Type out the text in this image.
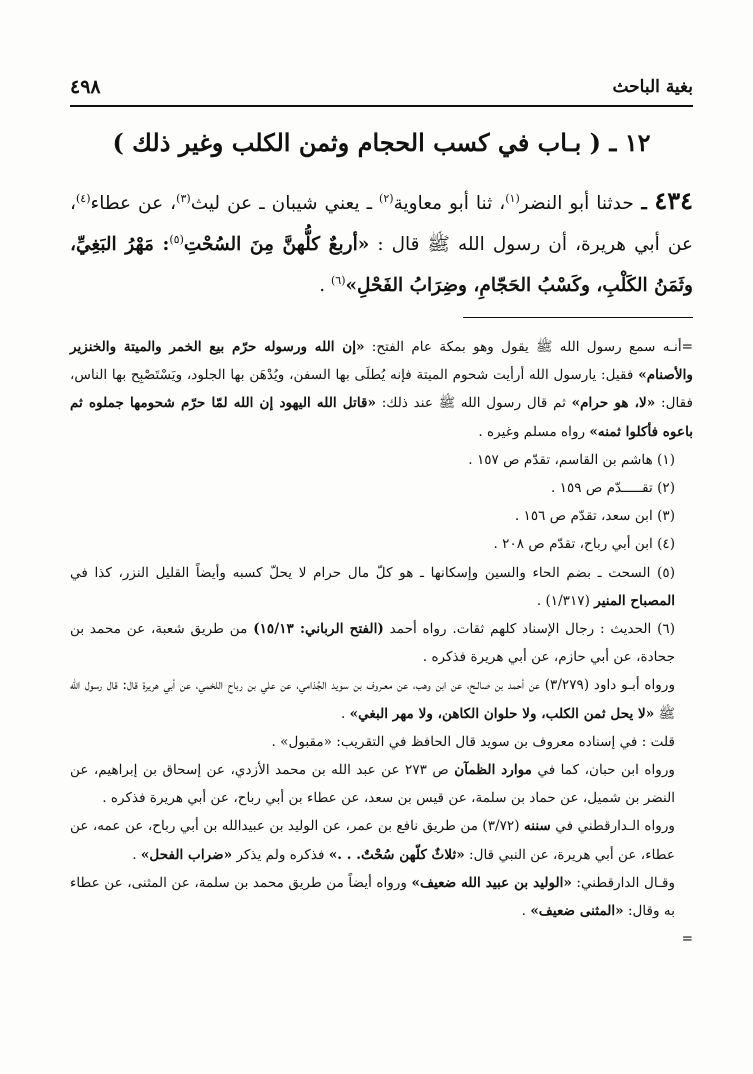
بغية الباحث
٤٩٨
١٢ ـ ( بـاب في كسب الحجام وثمن الكلب وغير ذلك )
٤٣٤ ـ حدثنا أبو النضر$^{(١)}$، ثنا أبو معاوية$^{(٢)}$ ـ يعني شيبان ـ عن ليث$^{(٣)}$، عن عطاء$^{(٤)}$، عن أبي هريرة، أن رسول الله ﷺ قال : «أربعٌ كلُّهنَّ مِنَ السُحْتِ$^{(٥)}$: مَهْرُ البَغِيِّ، وثَمَنُ الكَلْبِ، وكَسْبُ الحَجّامِ، وضِرَابُ الفَحْلِ»$^{(٦)}$ .

=أنـه سمع رسول الله ﷺ يقول وهو بمكة عام الفتح: «إن الله ورسوله حرّم بيع الخمر والميتة والخنزير والأصنام» فقيل: يارسول الله أرأيت شحوم الميتة فإنه يُطلَى بها السفن، ويُدْهَن بها الجلود، ويَسْتَصْبِح بها الناس، فقال: «لا، هو حرام» ثم قال رسول الله ﷺ عند ذلك: «قاتل الله اليهود إن الله لمّا حرّم شحومها جملوه ثم باعوه فأكلوا ثمنه» رواه مسلم وغيره .

(١) هاشم بن القاسم، تقدّم ص ١٥٧ .

(٢) تقـــــدّم ص ١٥٩ .

(٣) ابن سعد، تقدّم ص ١٥٦ .

(٤) ابن أبي رباح، تقدّم ص ٢٠٨ .

(٥) السحت ـ بضم الحاء والسين وإسكانها ـ هو كلّ مال حرام لا يحلّ كسبه وأيضاً القليل النزر، كذا في المصباح المنير (١/٣١٧) .

(٦) الحديث : رجال الإسناد كلهم ثقات. رواه أحمد (الفتح الرباني: ١٥/١٣) من طريق شعبة، عن محمد بن جحادة، عن أبي حازم، عن أبي هريرة فذكره .

ورواه أبـو داود (٣/٢٧٩) عن أحمد بن صالـح، عن ابن وهب، عن معـروف بن سويد الجُذامي، عن علي بن رباح اللخمي، عن أبي هريرة قال: قال رسول الله ﷺ «لا يحل ثمن الكلب، ولا حلوان الكاهن، ولا مهر البغي» .

قلت : في إسناده معروف بن سويد قال الحافظ في التقريب: «مقبول» .

ورواه ابن حبان، كما في موارد الظمآن ص ٢٧٣ عن عبد الله بن محمد الأزدي، عن إسحاق بن إبراهيم، عن النضر بن شميل، عن حماد بن سلمة، عن قيس بن سعد، عن عطاء بن أبي رباح، عن أبي هريرة فذكره .

ورواه الـدارقطني في سننه (٣/٧٢) من طريق نافع بن عمر، عن الوليد بن عبيدالله بن أبي رباح، عن عمه، عن عطاء، عن أبي هريرة، عن النبي قال: «ثلاثٌ كلّهن سُحْتٌ. . .» فذكره ولم يذكر «ضراب الفحل» .

وقـال الدارقطني: «الوليد بن عبيد الله ضعيف» ورواه أيضاً من طريق محمد بن سلمة، عن المثنى، عن عطاء به وقال: «المثنى ضعيف» .

=
